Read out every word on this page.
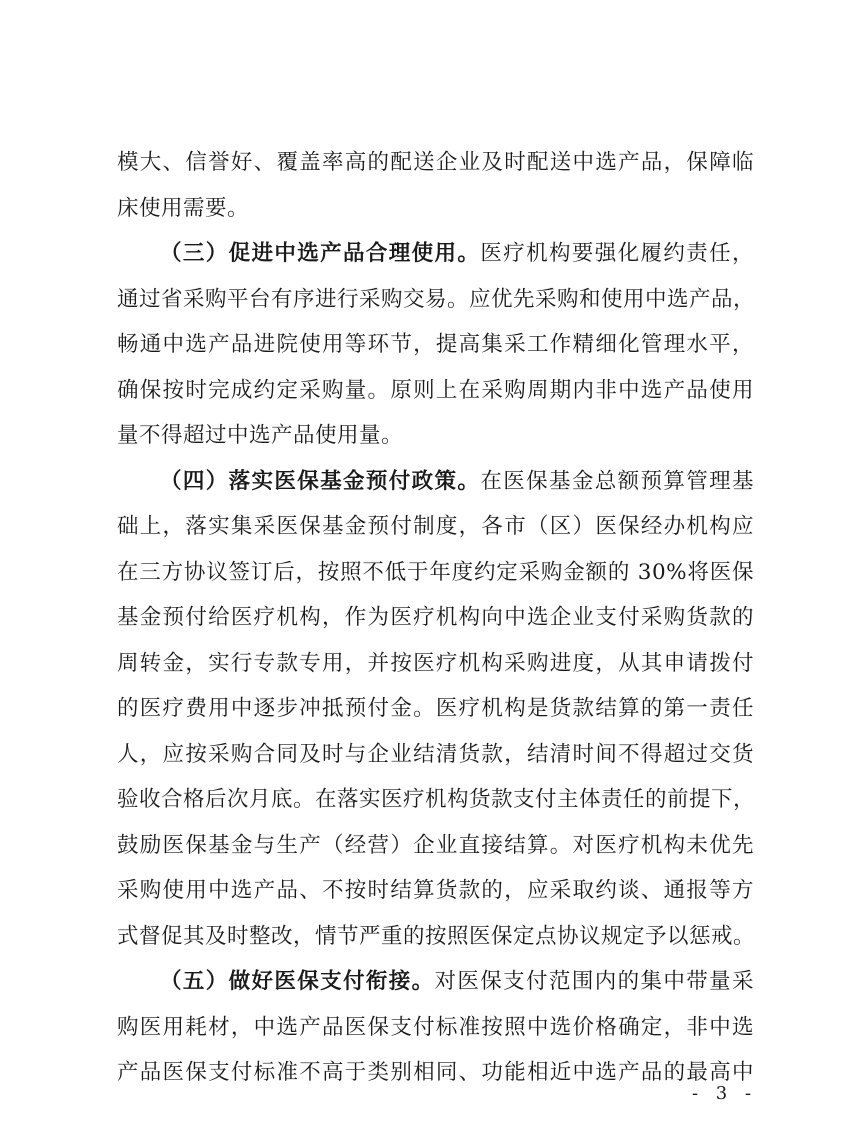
模大、信誉好、覆盖率高的配送企业及时配送中选产品，保障临
床使用需要。
（三）促进中选产品合理使用。医疗机构要强化履约责任，
通过省采购平台有序进行采购交易。应优先采购和使用中选产品，
畅通中选产品进院使用等环节，提高集采工作精细化管理水平，
确保按时完成约定采购量。原则上在采购周期内非中选产品使用
量不得超过中选产品使用量。
（四）落实医保基金预付政策。在医保基金总额预算管理基
础上，落实集采医保基金预付制度，各市（区）医保经办机构应
在三方协议签订后，按照不低于年度约定采购金额的 30%将医保
基金预付给医疗机构，作为医疗机构向中选企业支付采购货款的
周转金，实行专款专用，并按医疗机构采购进度，从其申请拨付
的医疗费用中逐步冲抵预付金。医疗机构是货款结算的第一责任
人，应按采购合同及时与企业结清货款，结清时间不得超过交货
验收合格后次月底。在落实医疗机构货款支付主体责任的前提下，
鼓励医保基金与生产（经营）企业直接结算。对医疗机构未优先
采购使用中选产品、不按时结算货款的，应采取约谈、通报等方
式督促其及时整改，情节严重的按照医保定点协议规定予以惩戒。
（五）做好医保支付衔接。对医保支付范围内的集中带量采
购医用耗材，中选产品医保支付标准按照中选价格确定，非中选
产品医保支付标准不高于类别相同、功能相近中选产品的最高中
- 3 -
